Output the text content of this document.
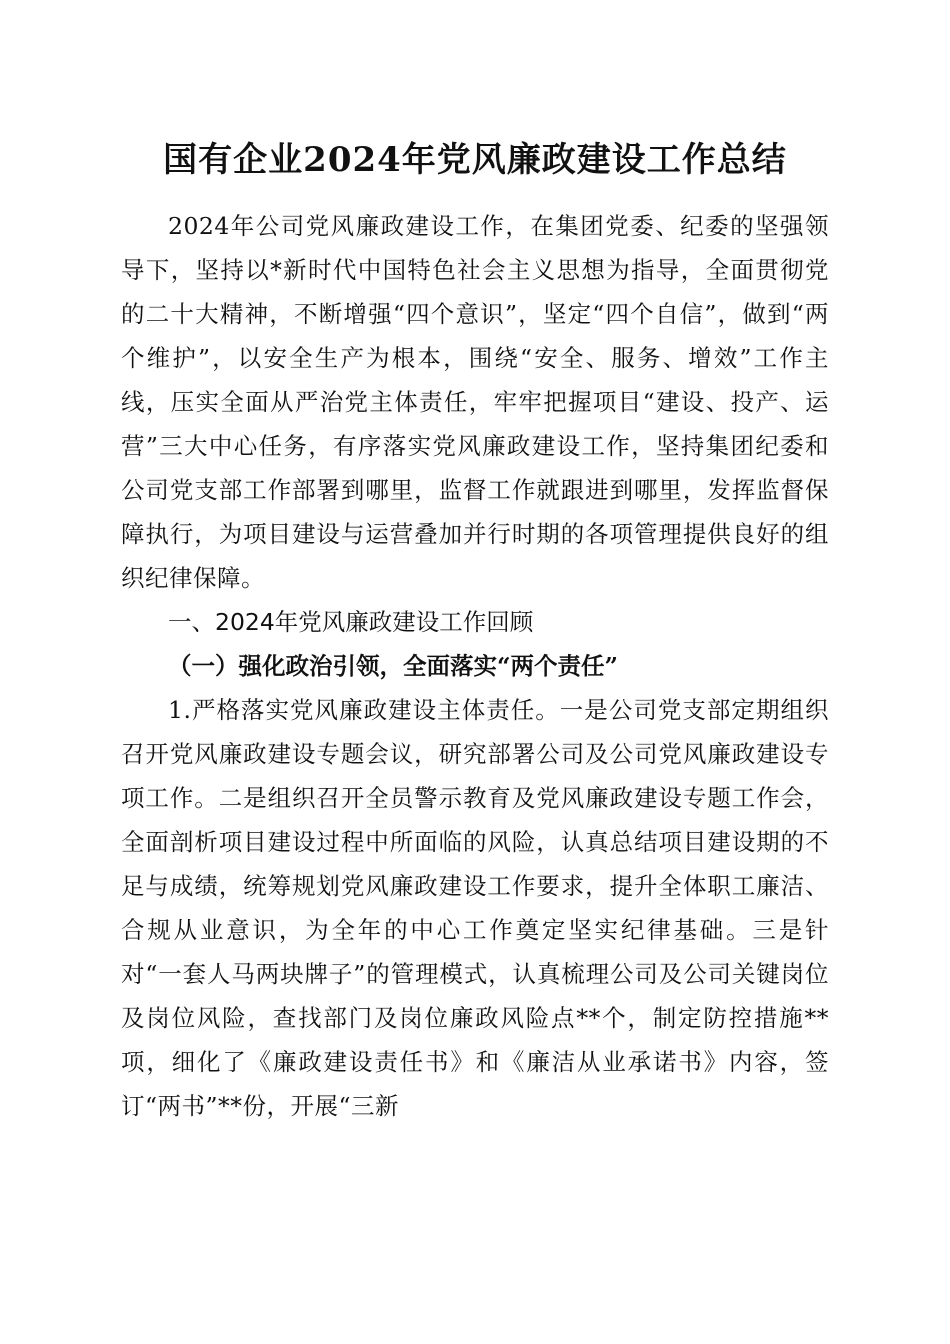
国有企业2024年党风廉政建设工作总结

2024年公司党风廉政建设工作，在集团党委、纪委的坚强领导下，坚持以*新时代中国特色社会主义思想为指导，全面贯彻党的二十大精神，不断增强“四个意识”，坚定“四个自信”，做到“两个维护”，以安全生产为根本，围绕“安全、服务、增效”工作主线，压实全面从严治党主体责任，牢牢把握项目“建设、投产、运营”三大中心任务，有序落实党风廉政建设工作，坚持集团纪委和公司党支部工作部署到哪里，监督工作就跟进到哪里，发挥监督保障执行，为项目建设与运营叠加并行时期的各项管理提供良好的组织纪律保障。

一、2024年党风廉政建设工作回顾
（一）强化政治引领，全面落实“两个责任”

1.严格落实党风廉政建设主体责任。一是公司党支部定期组织召开党风廉政建设专题会议，研究部署公司及公司党风廉政建设专项工作。二是组织召开全员警示教育及党风廉政建设专题工作会，全面剖析项目建设过程中所面临的风险，认真总结项目建设期的不足与成绩，统筹规划党风廉政建设工作要求，提升全体职工廉洁、合规从业意识，为全年的中心工作奠定坚实纪律基础。三是针对“一套人马两块牌子”的管理模式，认真梳理公司及公司关键岗位及岗位风险，查找部门及岗位廉政风险点**个，制定防控措施**项，细化了《廉政建设责任书》和《廉洁从业承诺书》内容，签订“两书”**份，开展“三新
